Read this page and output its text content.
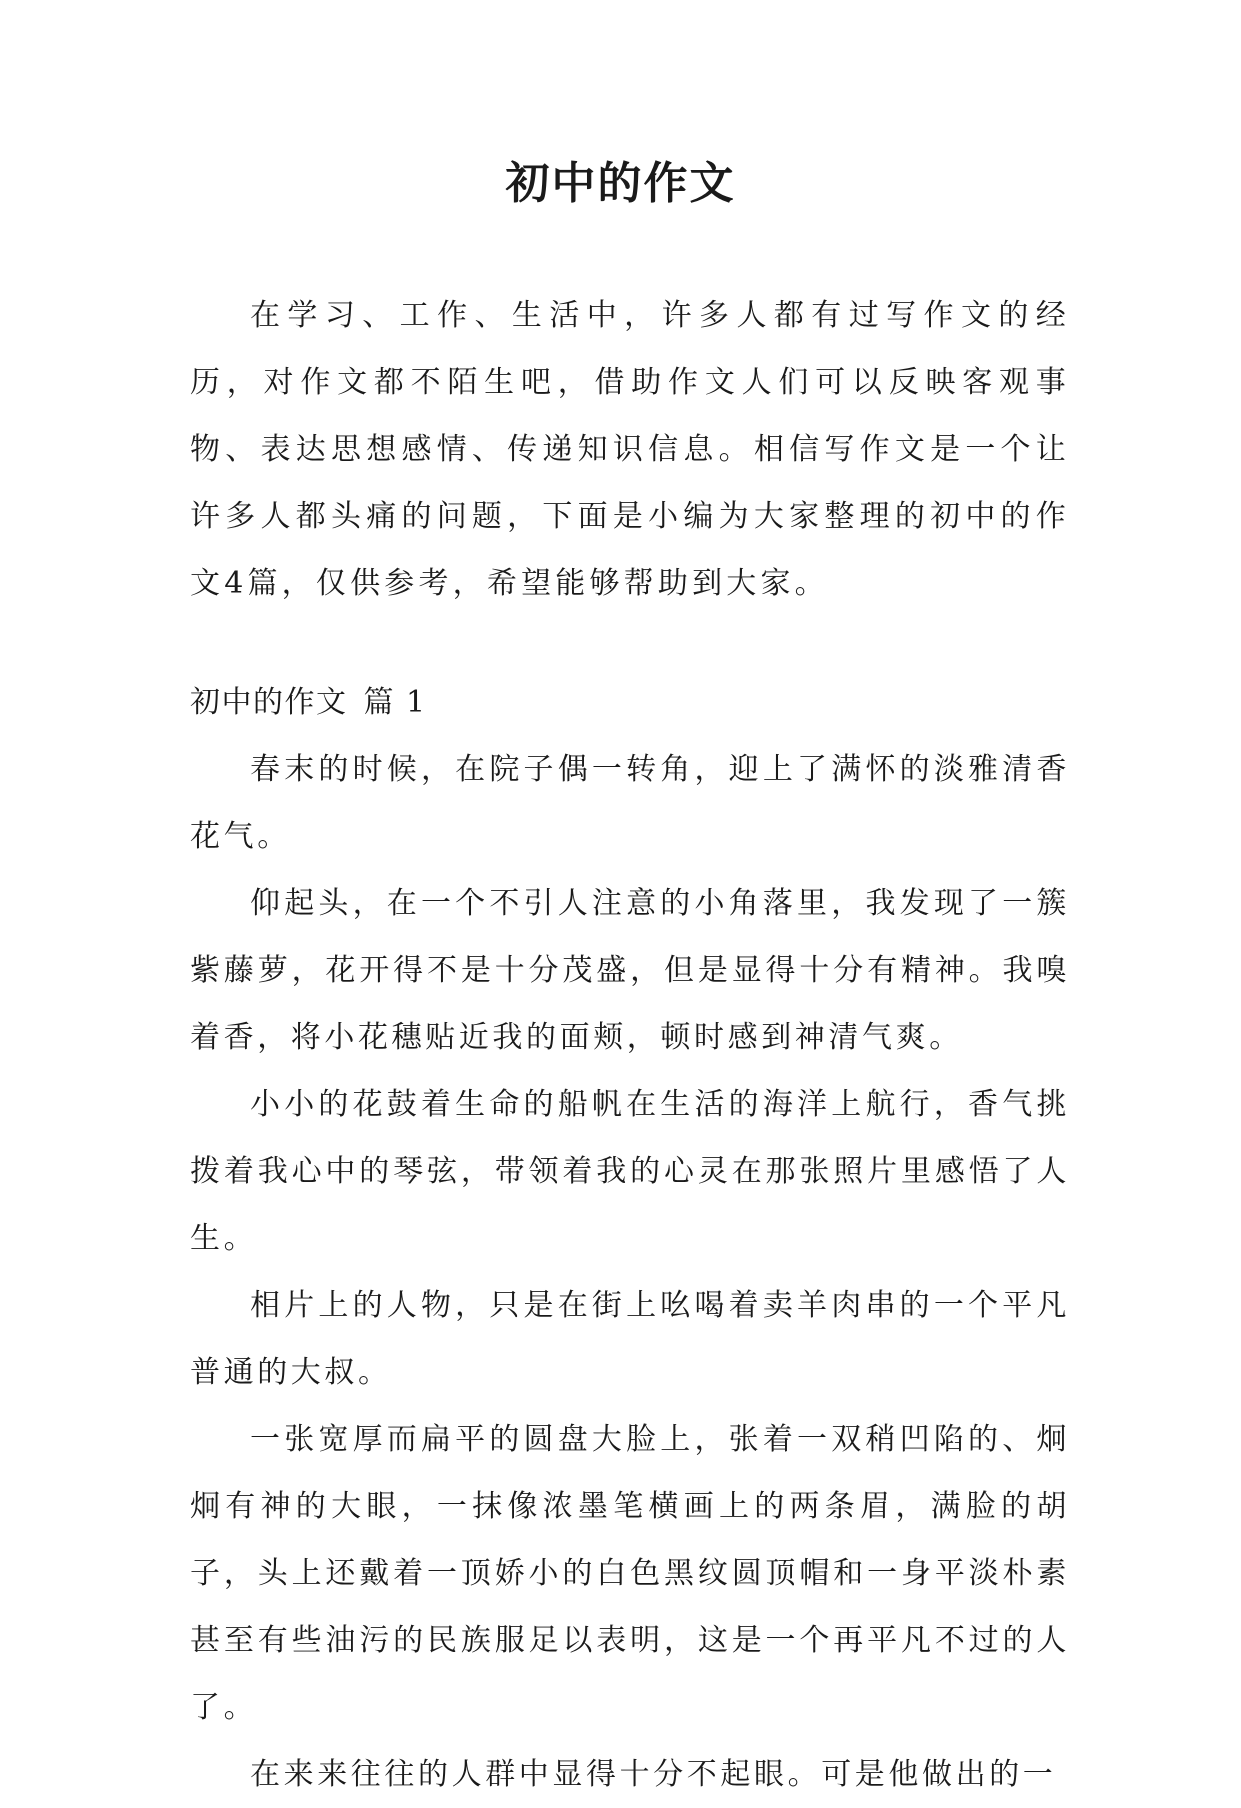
初中的作文

在学习、工作、生活中，许多人都有过写作文的经历，对作文都不陌生吧，借助作文人们可以反映客观事物、表达思想感情、传递知识信息。相信写作文是一个让许多人都头痛的问题，下面是小编为大家整理的初中的作文4篇，仅供参考，希望能够帮助到大家。

初中的作文 篇 1

春末的时候，在院子偶一转角，迎上了满怀的淡雅清香花气。

仰起头，在一个不引人注意的小角落里，我发现了一簇紫藤萝，花开得不是十分茂盛，但是显得十分有精神。我嗅着香，将小花穗贴近我的面颊，顿时感到神清气爽。

小小的花鼓着生命的船帆在生活的海洋上航行，香气挑拨着我心中的琴弦，带领着我的心灵在那张照片里感悟了人生。

相片上的人物，只是在街上吆喝着卖羊肉串的一个平凡普通的大叔。

一张宽厚而扁平的圆盘大脸上，张着一双稍凹陷的、炯炯有神的大眼，一抹像浓墨笔横画上的两条眉，满脸的胡子，头上还戴着一顶娇小的白色黑纹圆顶帽和一身平淡朴素甚至有些油污的民族服足以表明，这是一个再平凡不过的人了。

在来来往往的人群中显得十分不起眼。可是他做出的一
